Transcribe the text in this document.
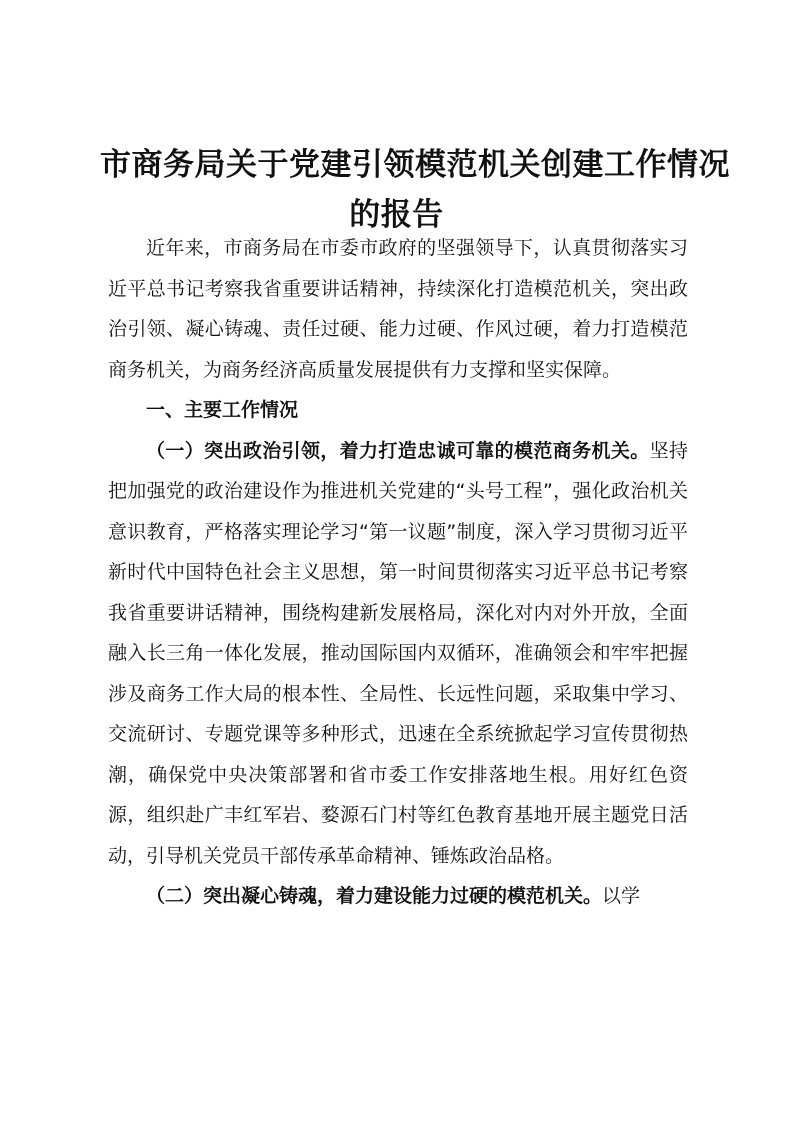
市商务局关于党建引领模范机关创建工作情况
的报告

近年来，市商务局在市委市政府的坚强领导下，认真贯彻落实习近平总书记考察我省重要讲话精神，持续深化打造模范机关，突出政治引领、凝心铸魂、责任过硬、能力过硬、作风过硬，着力打造模范商务机关，为商务经济高质量发展提供有力支撑和坚实保障。

一、主要工作情况

（一）突出政治引领，着力打造忠诚可靠的模范商务机关。坚持把加强党的政治建设作为推进机关党建的“头号工程”，强化政治机关意识教育，严格落实理论学习“第一议题”制度，深入学习贯彻习近平新时代中国特色社会主义思想，第一时间贯彻落实习近平总书记考察我省重要讲话精神，围绕构建新发展格局，深化对内对外开放，全面融入长三角一体化发展，推动国际国内双循环，准确领会和牢牢把握涉及商务工作大局的根本性、全局性、长远性问题，采取集中学习、交流研讨、专题党课等多种形式，迅速在全系统掀起学习宣传贯彻热潮，确保党中央决策部署和省市委工作安排落地生根。用好红色资源，组织赴广丰红军岩、婺源石门村等红色教育基地开展主题党日活动，引导机关党员干部传承革命精神、锤炼政治品格。

（二）突出凝心铸魂，着力建设能力过硬的模范机关。以学
